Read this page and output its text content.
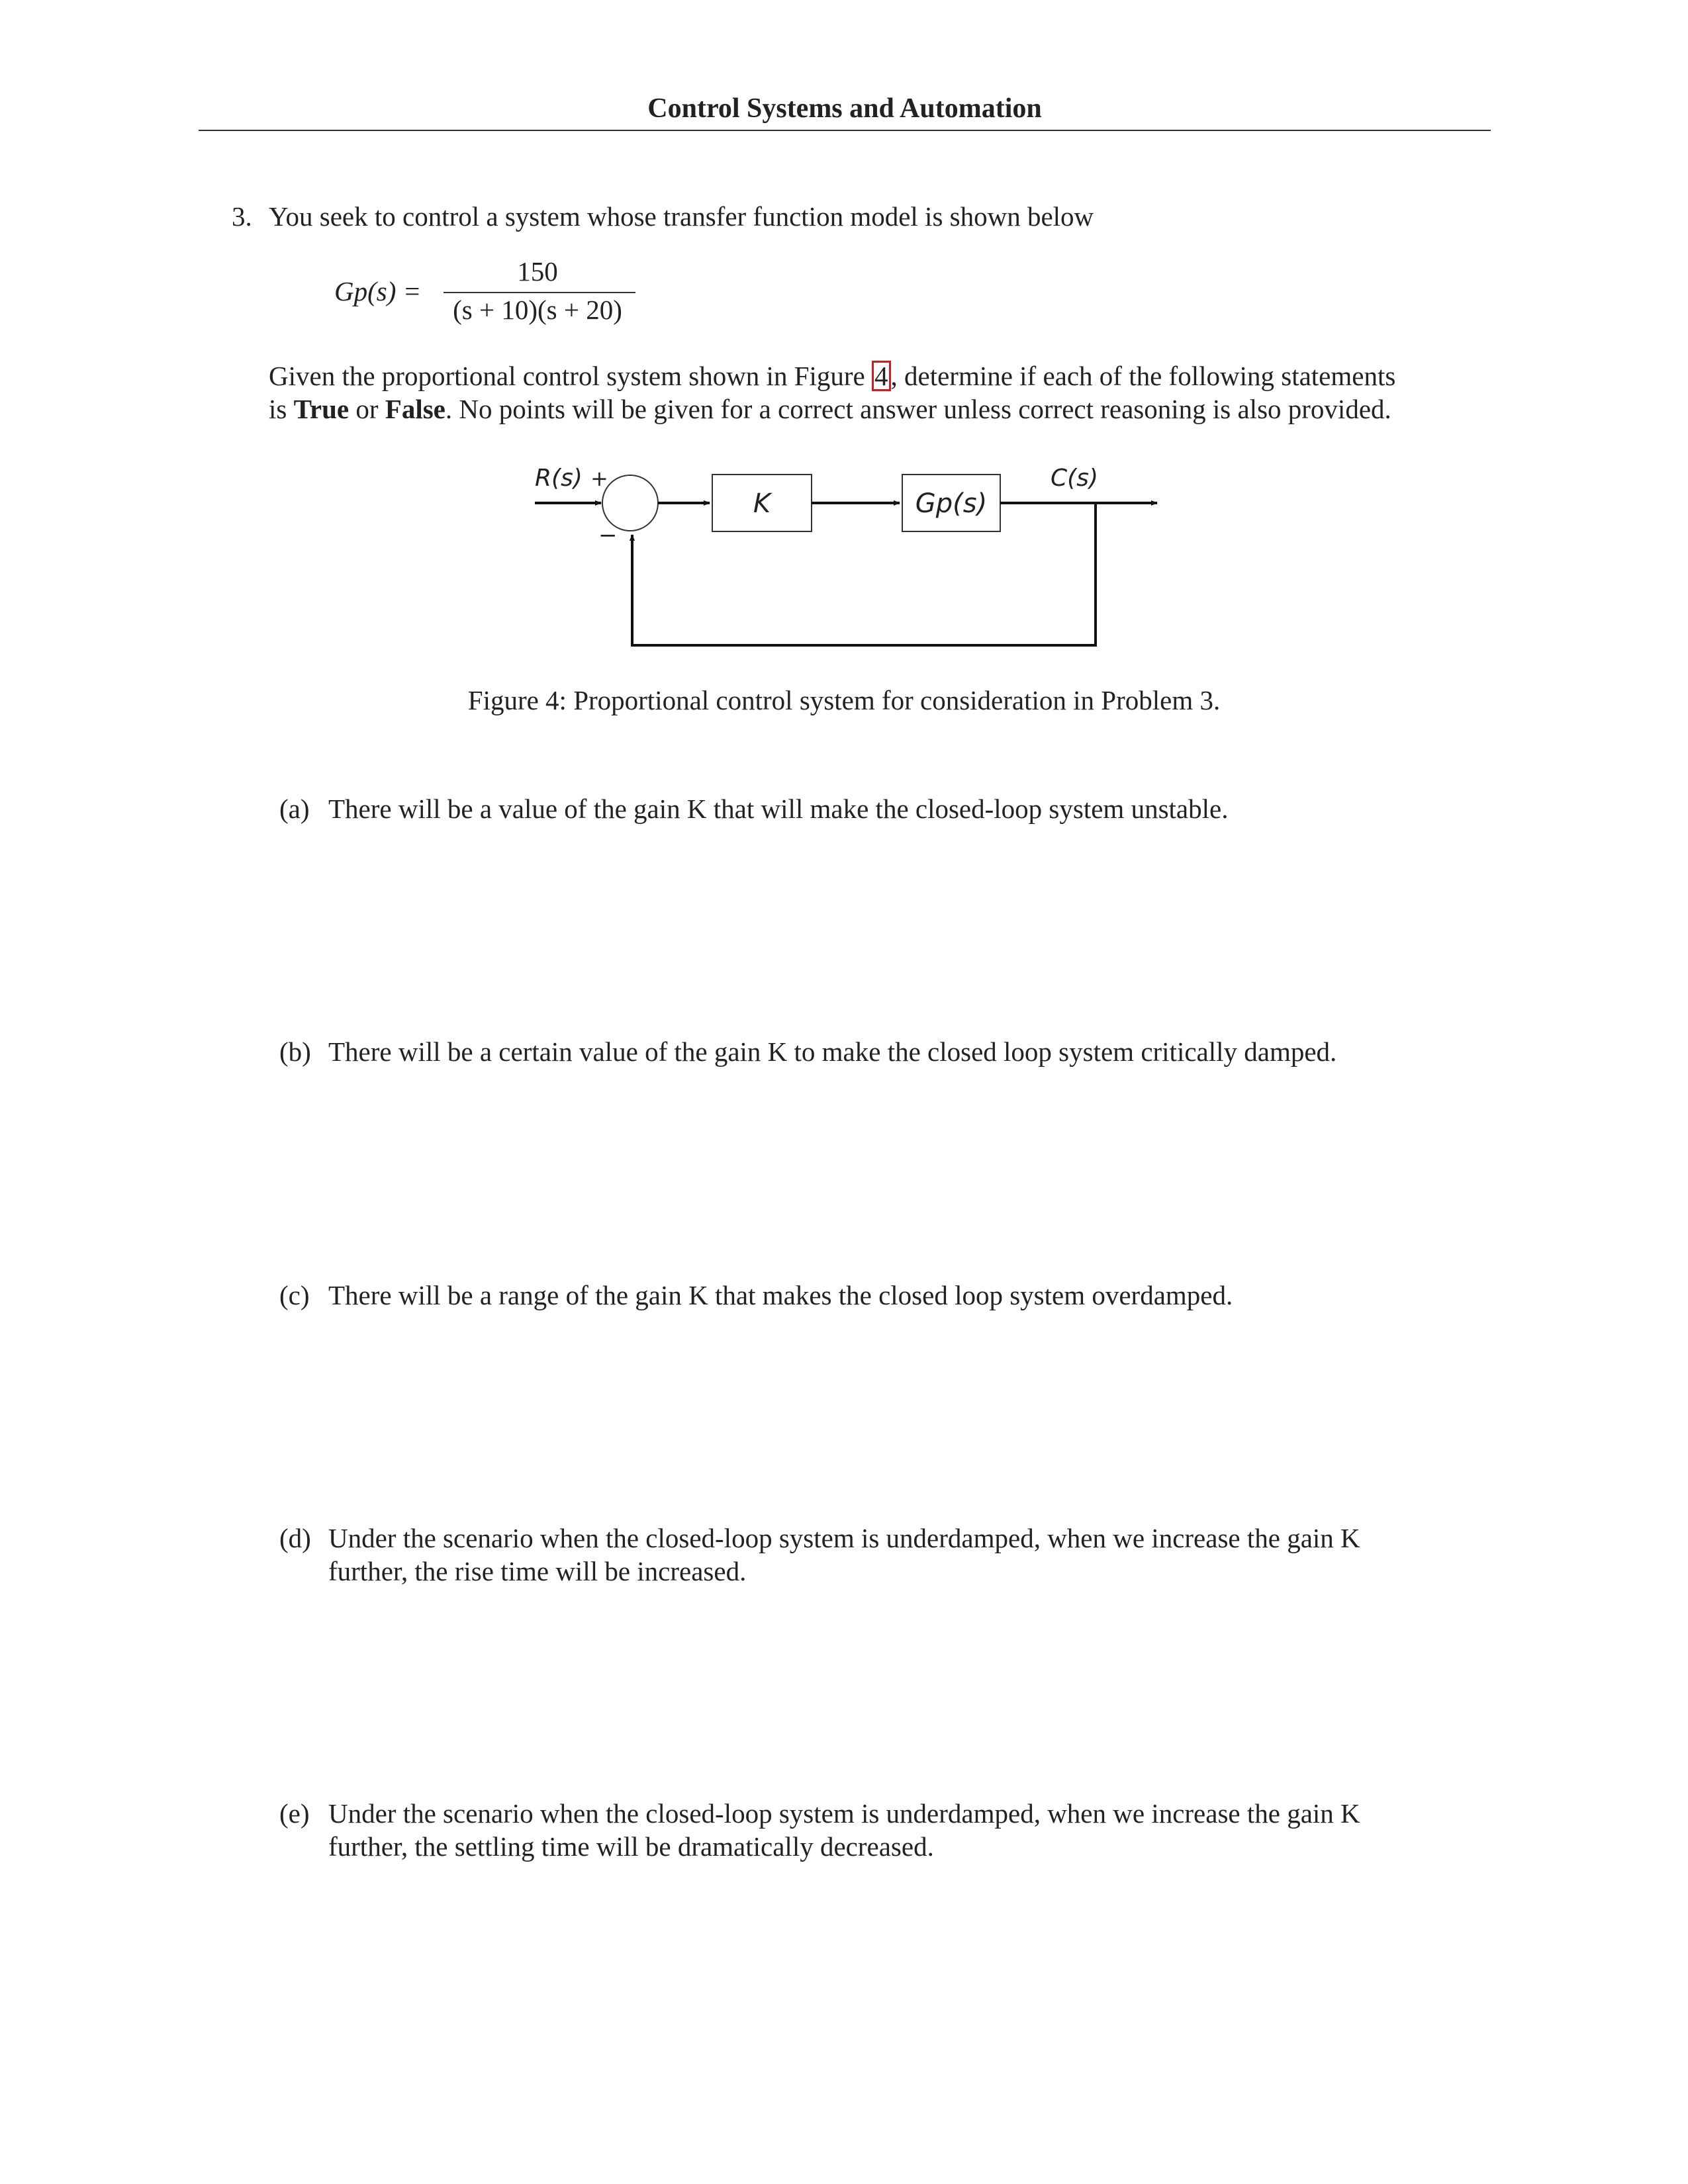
Control Systems and Automation
3. You seek to control a system whose transfer function model is shown below
Gp(s) =
150
(s + 10)(s + 20)
Given the proportional control system shown in Figure 4, determine if each of the following statements
is True or False. No points will be given for a correct answer unless correct reasoning is also provided.
R(s) +
−
K	Gp(s)
C(s)
Figure 4: Proportional control system for consideration in Problem 3.
(a) There will be a value of the gain K that will make the closed-loop system unstable.
(b) There will be a certain value of the gain K to make the closed loop system critically damped.
(c) There will be a range of the gain K that makes the closed loop system overdamped.
(d) Under the scenario when the closed-loop system is underdamped, when we increase the gain K
further, the rise time will be increased.
(e) Under the scenario when the closed-loop system is underdamped, when we increase the gain K
further, the settling time will be dramatically decreased.
